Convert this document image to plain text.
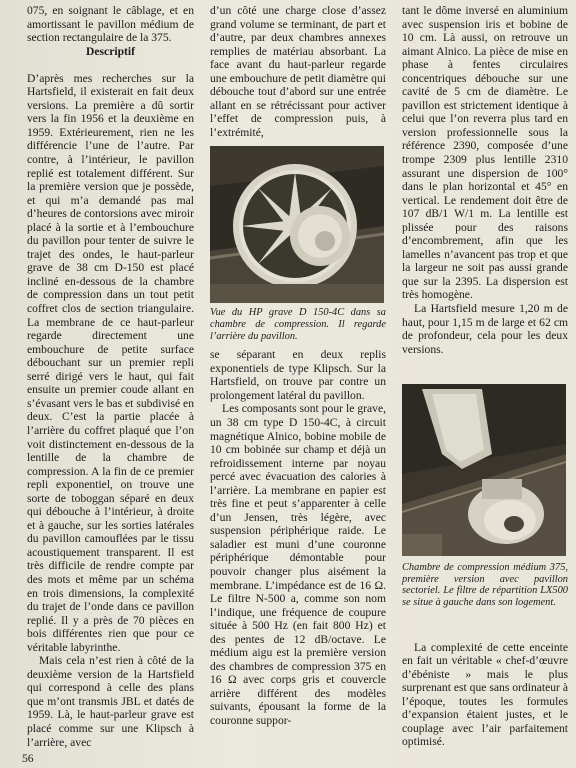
075, en soignant le câblage, et en amortissant le pavillon médium de section rectangulaire de la 375.

Descriptif

D’après mes recherches sur la Hartsfield, il existerait en fait deux versions. La première a dû sortir vers la fin 1956 et la deuxième en 1959. Extérieurement, rien ne les différencie l’une de l’autre. Par contre, à l’intérieur, le pavillon replié est totalement différent. Sur la première version que je possède, et qui m’a demandé pas mal d’heures de contorsions avec miroir placé à la sortie et à l’embouchure du pavillon pour tenter de suivre le trajet des ondes, le haut-parleur grave de 38 cm D-150 est placé incliné en-dessous de la chambre de compression dans un tout petit coffret clos de section triangulaire. La membrane de ce haut-parleur regarde directement une embouchure de petite surface débouchant sur un premier repli serré dirigé vers le haut, qui fait ensuite un premier coude allant en s’évasant vers le bas et subdivisé en deux. C’est la partie placée à l’arrière du coffret plaqué que l’on voit distinctement en-dessous de la lentille de la chambre de compression. A la fin de ce premier repli exponentiel, on trouve une sorte de toboggan séparé en deux qui débouche à l’intérieur, à droite et à gauche, sur les sorties latérales du pavillon camouflées par le tissu acoustiquement transparent. Il est très difficile de rendre compte par des mots et même par un schéma en trois dimensions, la complexité du trajet de l’onde dans ce pavillon replié. Il y a près de 70 pièces en bois différentes rien que pour ce véritable labyrinthe.

Mais cela n’est rien à côté de la deuxième version de la Hartsfield qui correspond à celle des plans que m’ont transmis JBL et datés de 1959. Là, le haut-parleur grave est placé comme sur une Klipsch à l’arrière, avec

d’un côté une charge close d’assez grand volume se terminant, de part et d’autre, par deux chambres annexes remplies de matériau absorbant. La face avant du haut-parleur regarde une embouchure de petit diamètre qui débouche tout d’abord sur une entrée allant en se rétrécissant pour activer l’effet de compression puis, à l’extrémité,

Vue du HP grave D 150-4C dans sa chambre de compression. Il regarde l’arrière du pavillon.

se séparant en deux replis exponentiels de type Klipsch. Sur la Hartsfield, on trouve par contre un prolongement latéral du pavillon.

Les composants sont pour le grave, un 38 cm type D 150-4C, à circuit magnétique Alnico, bobine mobile de 10 cm bobinée sur champ et déjà un refroidissement interne par noyau percé avec évacuation des calories à l’arrière. La membrane en papier est très fine et peut s’apparenter à celle d’un Jensen, très légère, avec suspension périphérique raide. Le saladier est muni d’une couronne périphérique démontable pour pouvoir changer plus aisément la membrane. L’impédance est de 16 Ω. Le filtre N-500 a, comme son nom l’indique, une fréquence de coupure située à 500 Hz (en fait 800 Hz) et des pentes de 12 dB/octave. Le médium aigu est la première version des chambres de compression 375 en 16 Ω avec corps gris et couvercle arrière différent des modèles suivants, épousant la forme de la couronne suppor-

tant le dôme inversé en aluminium avec suspension iris et bobine de 10 cm. Là aussi, on retrouve un aimant Alnico. La pièce de mise en phase à fentes circulaires concentriques débouche sur une cavité de 5 cm de diamètre. Le pavillon est strictement identique à celui que l’on reverra plus tard en version professionnelle sous la référence 2390, composée d’une trompe 2309 plus lentille 2310 assurant une dispersion de 100° dans le plan horizontal et 45° en vertical. Le rendement doit être de 107 dB/1 W/1 m. La lentille est plissée pour des raisons d’encombrement, afin que les lamelles n’avancent pas trop et que la largeur ne soit pas aussi grande que sur la 2395. La dispersion est très homogène.

La Hartsfield mesure 1,20 m de haut, pour 1,15 m de large et 62 cm de profondeur, cela pour les deux versions.

Chambre de compression médium 375, première version avec pavillon sectoriel. Le filtre de répartition LX500 se situe à gauche dans son logement.

La complexité de cette enceinte en fait un véritable « chef-d’œuvre d’ébéniste » mais le plus surprenant est que sans ordinateur à l’époque, toutes les formules d’expansion étaient justes, et le couplage avec l’air parfaitement optimisé.

56
